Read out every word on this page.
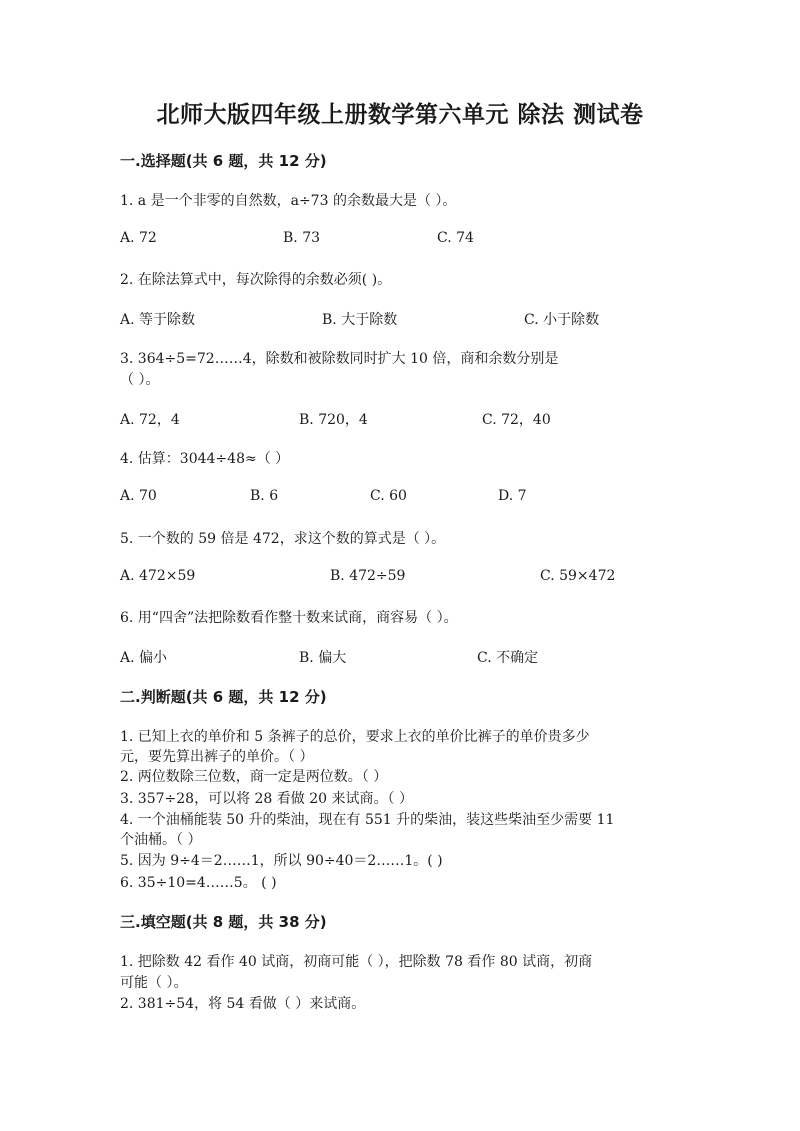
北师大版四年级上册数学第六单元 除法 测试卷
一.选择题(共 6 题，共 12 分)
1. a 是一个非零的自然数，a÷73 的余数最大是（ ）。
A. 72	B. 73	C. 74
2. 在除法算式中，每次除得的余数必须( )。
A. 等于除数	B. 大于除数	C. 小于除数
3. 364÷5=72……4，除数和被除数同时扩大 10 倍，商和余数分别是
（ ）。
A. 72，4	B. 720，4	C. 72，40
4. 估算：3044÷48≈（ ）
A. 70	B. 6	C. 60	D. 7
5. 一个数的 59 倍是 472，求这个数的算式是（ ）。
A. 472×59	B. 472÷59	C. 59×472
6. 用“四舍”法把除数看作整十数来试商，商容易（ ）。
A. 偏小	B. 偏大	C. 不确定
二.判断题(共 6 题，共 12 分)
1. 已知上衣的单价和 5 条裤子的总价，要求上衣的单价比裤子的单价贵多少
元，要先算出裤子的单价。（ ）
2. 两位数除三位数，商一定是两位数。（ ）
3. 357÷28，可以将 28 看做 20 来试商。（ ）
4. 一个油桶能装 50 升的柴油，现在有 551 升的柴油，装这些柴油至少需要 11
个油桶。（ ）
5. 因为 9÷4＝2……1，所以 90÷40＝2……1。( )
6. 35÷10=4……5。 ( )
三.填空题(共 8 题，共 38 分)
1. 把除数 42 看作 40 试商，初商可能（ ），把除数 78 看作 80 试商，初商
可能（ ）。
2. 381÷54，将 54 看做（ ）来试商。
